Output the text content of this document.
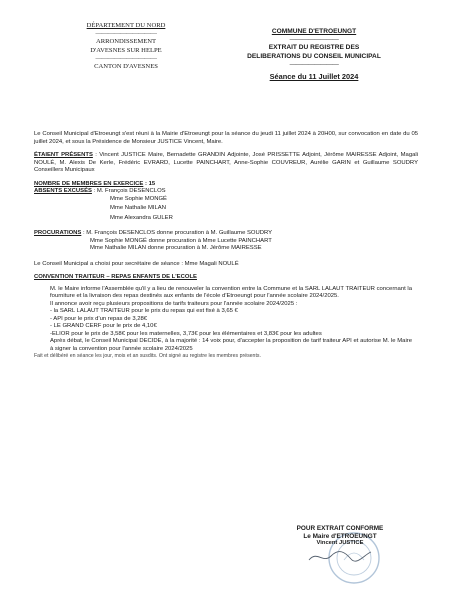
DÉPARTEMENT DU NORD
——————————
ARRONDISSEMENT
D'AVESNES SUR HELPE
——————————
CANTON D'AVESNES
COMMUNE D'ETROEUNGT
————————
EXTRAIT DU REGISTRE DES
DELIBERATIONS DU CONSEIL MUNICIPAL
————————
Séance du 11 Juillet 2024

Le Conseil Municipal d'Etroeungt s'est réuni à la Mairie d'Etroeungt pour la séance du jeudi 11 juillet 2024 à 20H00, sur convocation en date du 05 juillet 2024, et sous la Présidence de Monsieur JUSTICE Vincent, Maire.

ÉTAIENT PRÉSENTS : Vincent JUSTICE Maire, Bernadette GRANDIN Adjointe, José PRISSETTE Adjoint, Jérôme MAIRESSE Adjoint, Magali NOULÉ, M. Alexis De Kerle, Frédéric EVRARD, Lucette PAINCHART, Anne-Sophie COUVREUR, Aurélie GARIN et Guillaume SOUDRY Conseillers Municipaux

NOMBRE DE MEMBRES EN EXERCICE : 15

ABSENTS EXCUSÉS : M. François DESENCLOS

Mme Sophie MONGÉ

Mme Nathalie MILAN

Mme Alexandra GULER

PROCURATIONS : M. François DESENCLOS donne procuration à M. Guillaume SOUDRY

Mme Sophie MONGÉ donne procuration à Mme Lucette PAINCHART

Mme Nathalie MILAN donne procuration à M. Jérôme MAIRESSE

Le Conseil Municipal a choisi pour secrétaire de séance : Mme Magali NOULÉ

CONVENTION TRAITEUR – REPAS ENFANTS DE L'ECOLE

M. le Maire informe l'Assemblée qu'il y a lieu de renouveler la convention entre la Commune et la SARL LALAUT TRAITEUR concernant la fourniture et la livraison des repas destinés aux enfants de l'école d'Etroeungt pour l'année scolaire 2024/2025.

Il annonce avoir reçu plusieurs propositions de tarifs traiteurs pour l'année scolaire 2024/2025 :

- la SARL LALAUT TRAITEUR pour le prix du repas qui est fixé à 3,65 €

- API pour le prix d'un repas de 3,28€

- LE GRAND CERF pour le prix de 4,10€

-ELIOR pour le prix de 3,58€ pour les maternelles, 3,73€ pour les élémentaires et 3,83€ pour les adultes

Après débat, le Conseil Municipal DECIDE, à la majorité : 14 voix pour, d'accepter la proposition de tarif traiteur API et autorise M. le Maire à signer la convention pour l'année scolaire 2024/2025

Fait et délibéré en séance les jour, mois et an susdits. Ont signé au registre les membres présents.

POUR EXTRAIT CONFORME
Le Maire d'ETROEUNGT
Vincent JUSTICE
